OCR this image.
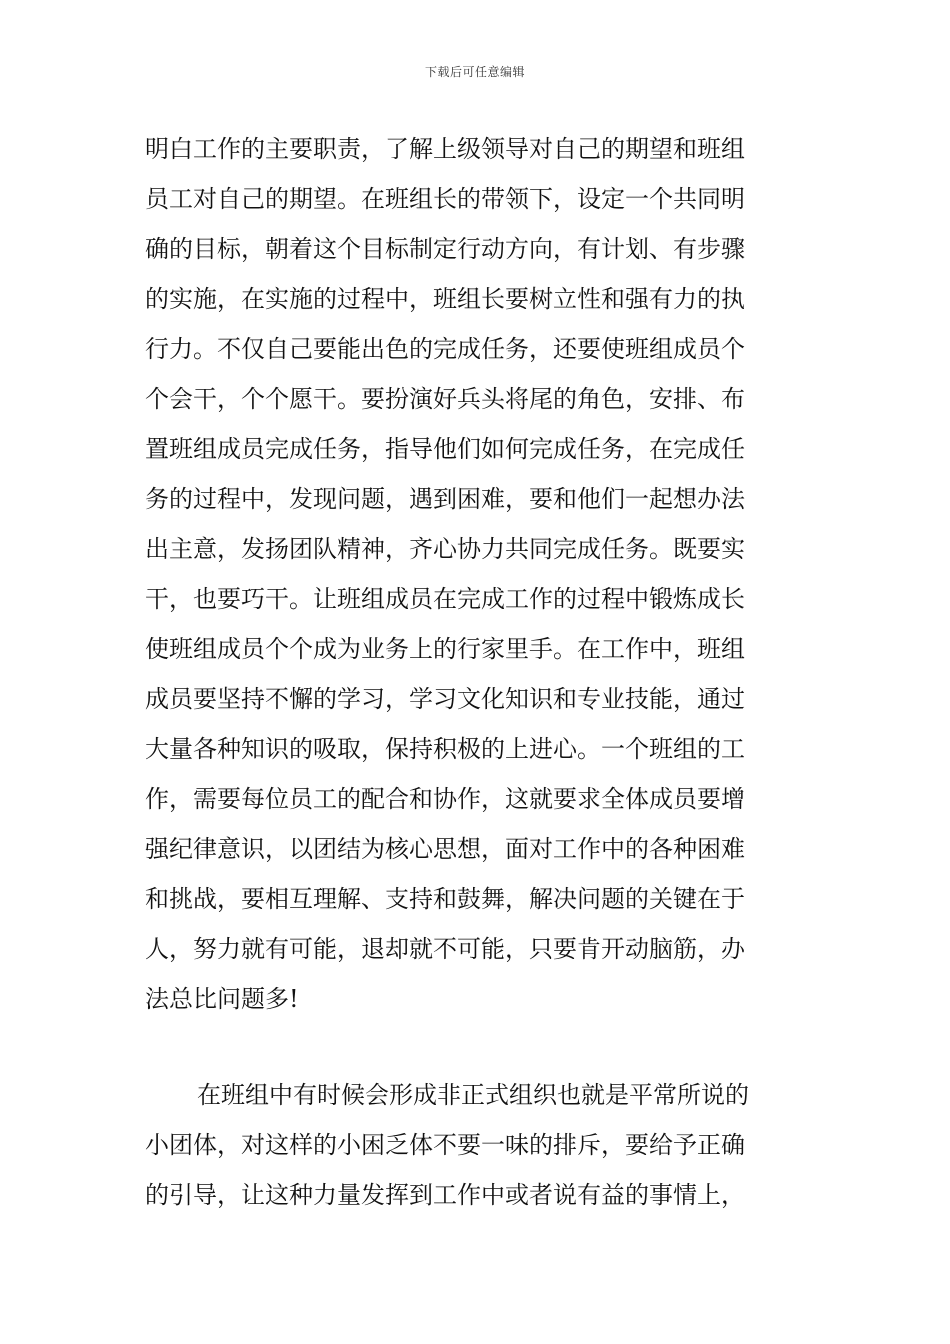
下载后可任意编辑
明白工作的主要职责，了解上级领导对自己的期望和班组
员工对自己的期望。在班组长的带领下，设定一个共同明
确的目标，朝着这个目标制定行动方向，有计划、有步骤
的实施，在实施的过程中，班组长要树立性和强有力的执
行力。不仅自己要能出色的完成任务，还要使班组成员个
个会干，个个愿干。要扮演好兵头将尾的角色，安排、布
置班组成员完成任务，指导他们如何完成任务，在完成任
务的过程中，发现问题，遇到困难，要和他们一起想办法
出主意，发扬团队精神，齐心协力共同完成任务。既要实
干，也要巧干。让班组成员在完成工作的过程中锻炼成长
使班组成员个个成为业务上的行家里手。在工作中，班组
成员要坚持不懈的学习，学习文化知识和专业技能，通过
大量各种知识的吸取，保持积极的上进心。一个班组的工
作，需要每位员工的配合和协作，这就要求全体成员要增
强纪律意识，以团结为核心思想，面对工作中的各种困难
和挑战，要相互理解、支持和鼓舞，解决问题的关键在于
人，努力就有可能，退却就不可能，只要肯开动脑筋，办
法总比问题多!
在班组中有时候会形成非正式组织也就是平常所说的
小团体，对这样的小困乏体不要一味的排斥，要给予正确
的引导，让这种力量发挥到工作中或者说有益的事情上，
